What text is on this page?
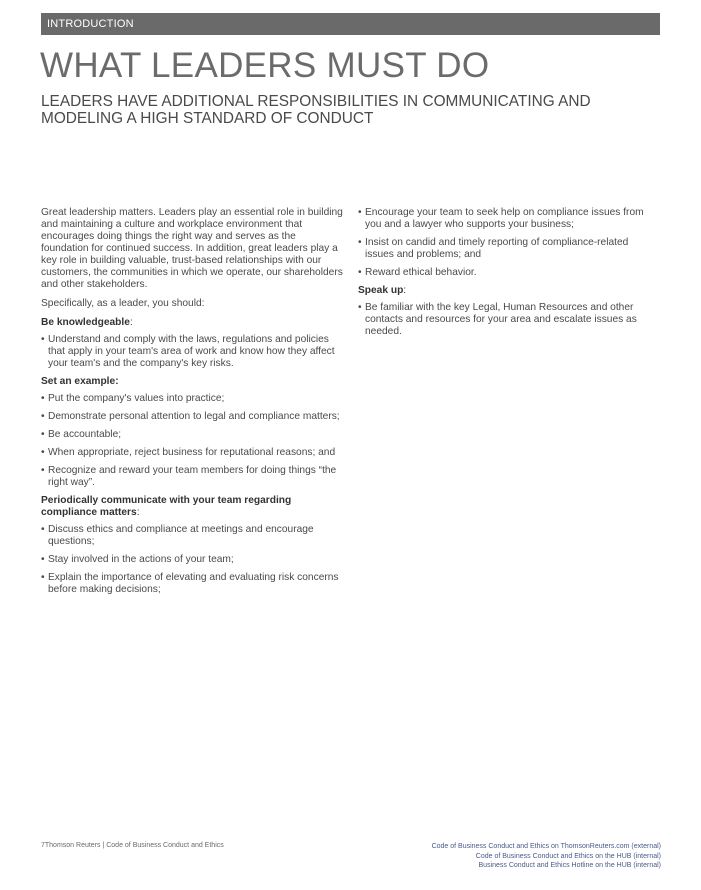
INTRODUCTION
WHAT LEADERS MUST DO
LEADERS HAVE ADDITIONAL RESPONSIBILITIES IN COMMUNICATING AND MODELING A HIGH STANDARD OF CONDUCT

Great leadership matters. Leaders play an essential role in building and maintaining a culture and workplace environment that encourages doing things the right way and serves as the foundation for continued success. In addition, great leaders play a key role in building valuable, trust-based relationships with our customers, the communities in which we operate, our shareholders and other stakeholders.

Specifically, as a leader, you should:

Be knowledgeable:

• Understand and comply with the laws, regulations and policies that apply in your team's area of work and know how they affect your team's and the company's key risks.

Set an example:

• Put the company's values into practice;
• Demonstrate personal attention to legal and compliance matters;
• Be accountable;
• When appropriate, reject business for reputational reasons; and
• Recognize and reward your team members for doing things “the right way”.

Periodically communicate with your team regarding compliance matters:

• Discuss ethics and compliance at meetings and encourage questions;
• Stay involved in the actions of your team;
• Explain the importance of elevating and evaluating risk concerns before making decisions;
• Encourage your team to seek help on compliance issues from you and a lawyer who supports your business;
• Insist on candid and timely reporting of compliance-related issues and problems; and
• Reward ethical behavior.

Speak up:

• Be familiar with the key Legal, Human Resources and other contacts and resources for your area and escalate issues as needed.
7Thomson Reuters | Code of Business Conduct and Ethics	Code of Business Conduct and Ethics on ThomsonReuters.com (external)
Code of Business Conduct and Ethics on the HUB (internal)
Business Conduct and Ethics Hotline on the HUB (internal)
